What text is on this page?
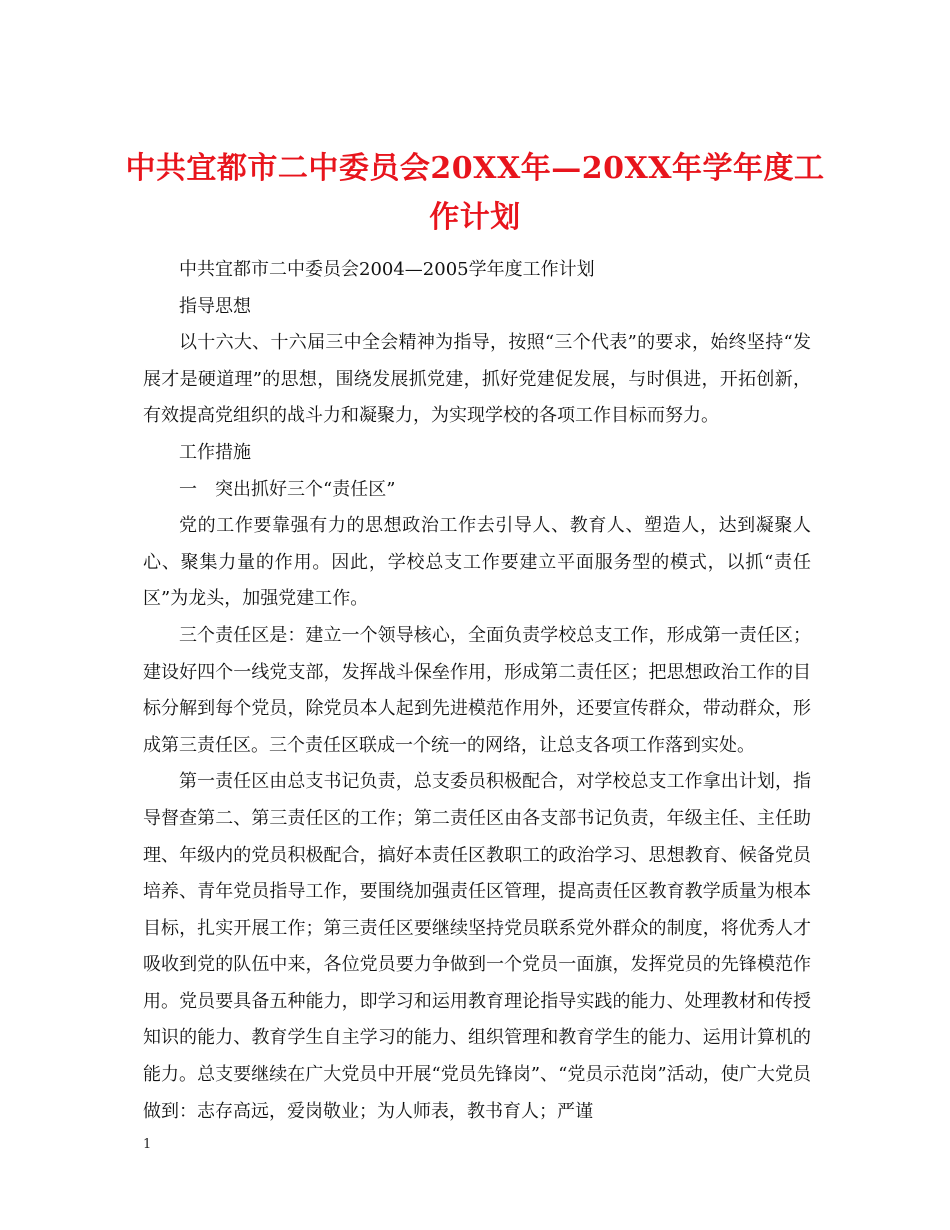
中共宜都市二中委员会20XX年—20XX年学年度工作计划

中共宜都市二中委员会2004—2005学年度工作计划

指导思想

以十六大、十六届三中全会精神为指导，按照“三个代表”的要求，始终坚持“发展才是硬道理”的思想，围绕发展抓党建，抓好党建促发展，与时俱进，开拓创新，有效提高党组织的战斗力和凝聚力，为实现学校的各项工作目标而努力。

工作措施

一　突出抓好三个“责任区”

党的工作要靠强有力的思想政治工作去引导人、教育人、塑造人，达到凝聚人心、聚集力量的作用。因此，学校总支工作要建立平面服务型的模式，以抓“责任区”为龙头，加强党建工作。

三个责任区是：建立一个领导核心，全面负责学校总支工作，形成第一责任区；建设好四个一线党支部，发挥战斗保垒作用，形成第二责任区；把思想政治工作的目标分解到每个党员，除党员本人起到先进模范作用外，还要宣传群众，带动群众，形成第三责任区。三个责任区联成一个统一的网络，让总支各项工作落到实处。

第一责任区由总支书记负责，总支委员积极配合，对学校总支工作拿出计划，指导督查第二、第三责任区的工作；第二责任区由各支部书记负责，年级主任、主任助理、年级内的党员积极配合，搞好本责任区教职工的政治学习、思想教育、候备党员培养、青年党员指导工作，要围绕加强责任区管理，提高责任区教育教学质量为根本目标，扎实开展工作；第三责任区要继续坚持党员联系党外群众的制度，将优秀人才吸收到党的队伍中来，各位党员要力争做到一个党员一面旗，发挥党员的先锋模范作用。党员要具备五种能力，即学习和运用教育理论指导实践的能力、处理教材和传授知识的能力、教育学生自主学习的能力、组织管理和教育学生的能力、运用计算机的能力。总支要继续在广大党员中开展“党员先锋岗”、“党员示范岗”活动，使广大党员做到：志存高远，爱岗敬业；为人师表，教书育人；严谨

1
